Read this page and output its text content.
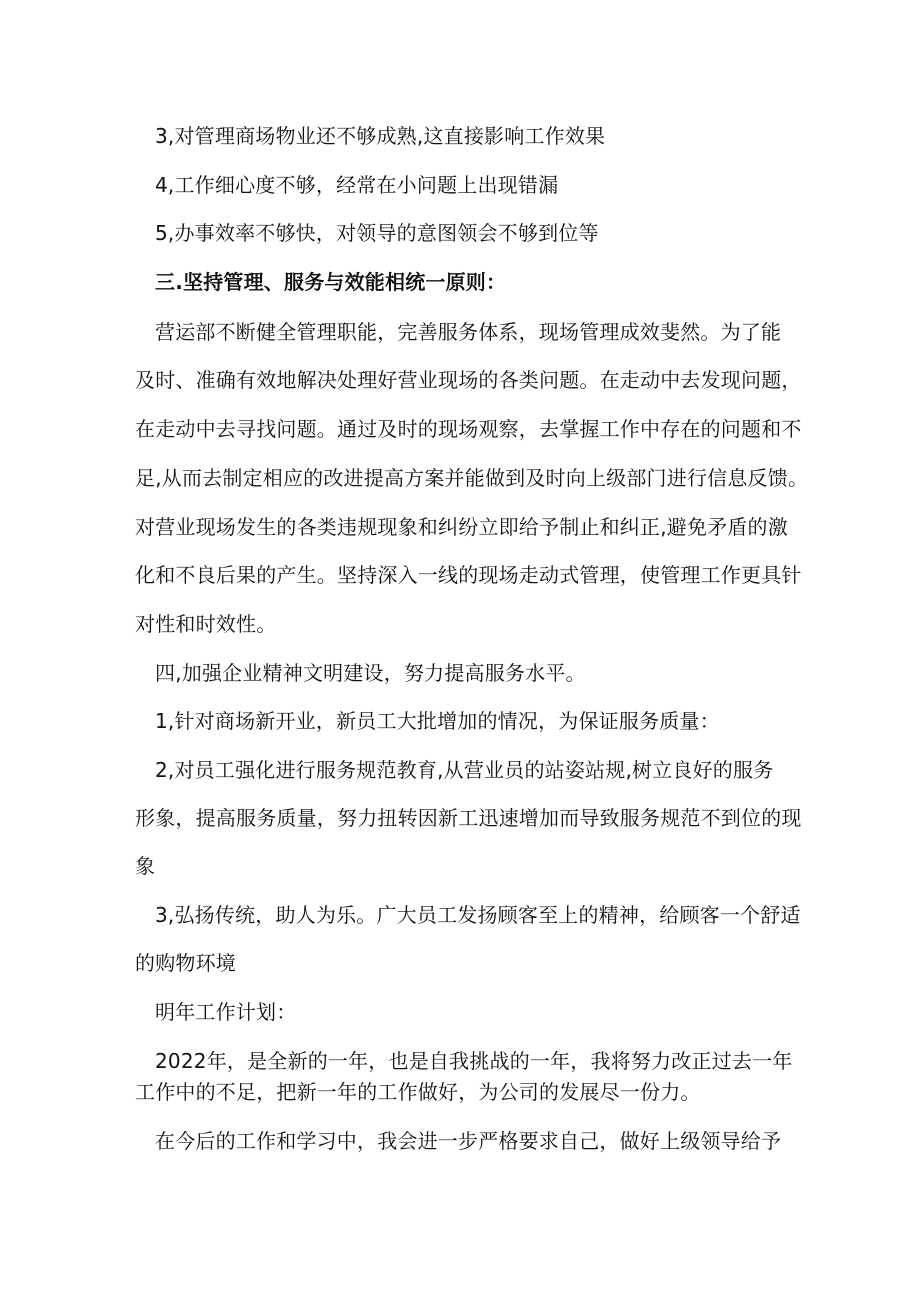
3,对管理商场物业还不够成熟,这直接影响工作效果
4,工作细心度不够，经常在小问题上出现错漏
5,办事效率不够快，对领导的意图领会不够到位等
三.坚持管理、服务与效能相统一原则：
营运部不断健全管理职能，完善服务体系，现场管理成效斐然。为了能
及时、准确有效地解决处理好营业现场的各类问题。在走动中去发现问题，
在走动中去寻找问题。通过及时的现场观察，去掌握工作中存在的问题和不
足,从而去制定相应的改进提高方案并能做到及时向上级部门进行信息反馈。
对营业现场发生的各类违规现象和纠纷立即给予制止和纠正,避免矛盾的激
化和不良后果的产生。坚持深入一线的现场走动式管理，使管理工作更具针
对性和时效性。
四,加强企业精神文明建设，努力提高服务水平。
1,针对商场新开业，新员工大批增加的情况，为保证服务质量：
2,对员工强化进行服务规范教育,从营业员的站姿站规,树立良好的服务
形象，提高服务质量，努力扭转因新工迅速增加而导致服务规范不到位的现
象
3,弘扬传统，助人为乐。广大员工发扬顾客至上的精神，给顾客一个舒适
的购物环境
明年工作计划：
2022年，是全新的一年，也是自我挑战的一年，我将努力改正过去一年
工作中的不足，把新一年的工作做好，为公司的发展尽一份力。
在今后的工作和学习中，我会进一步严格要求自己，做好上级领导给予
